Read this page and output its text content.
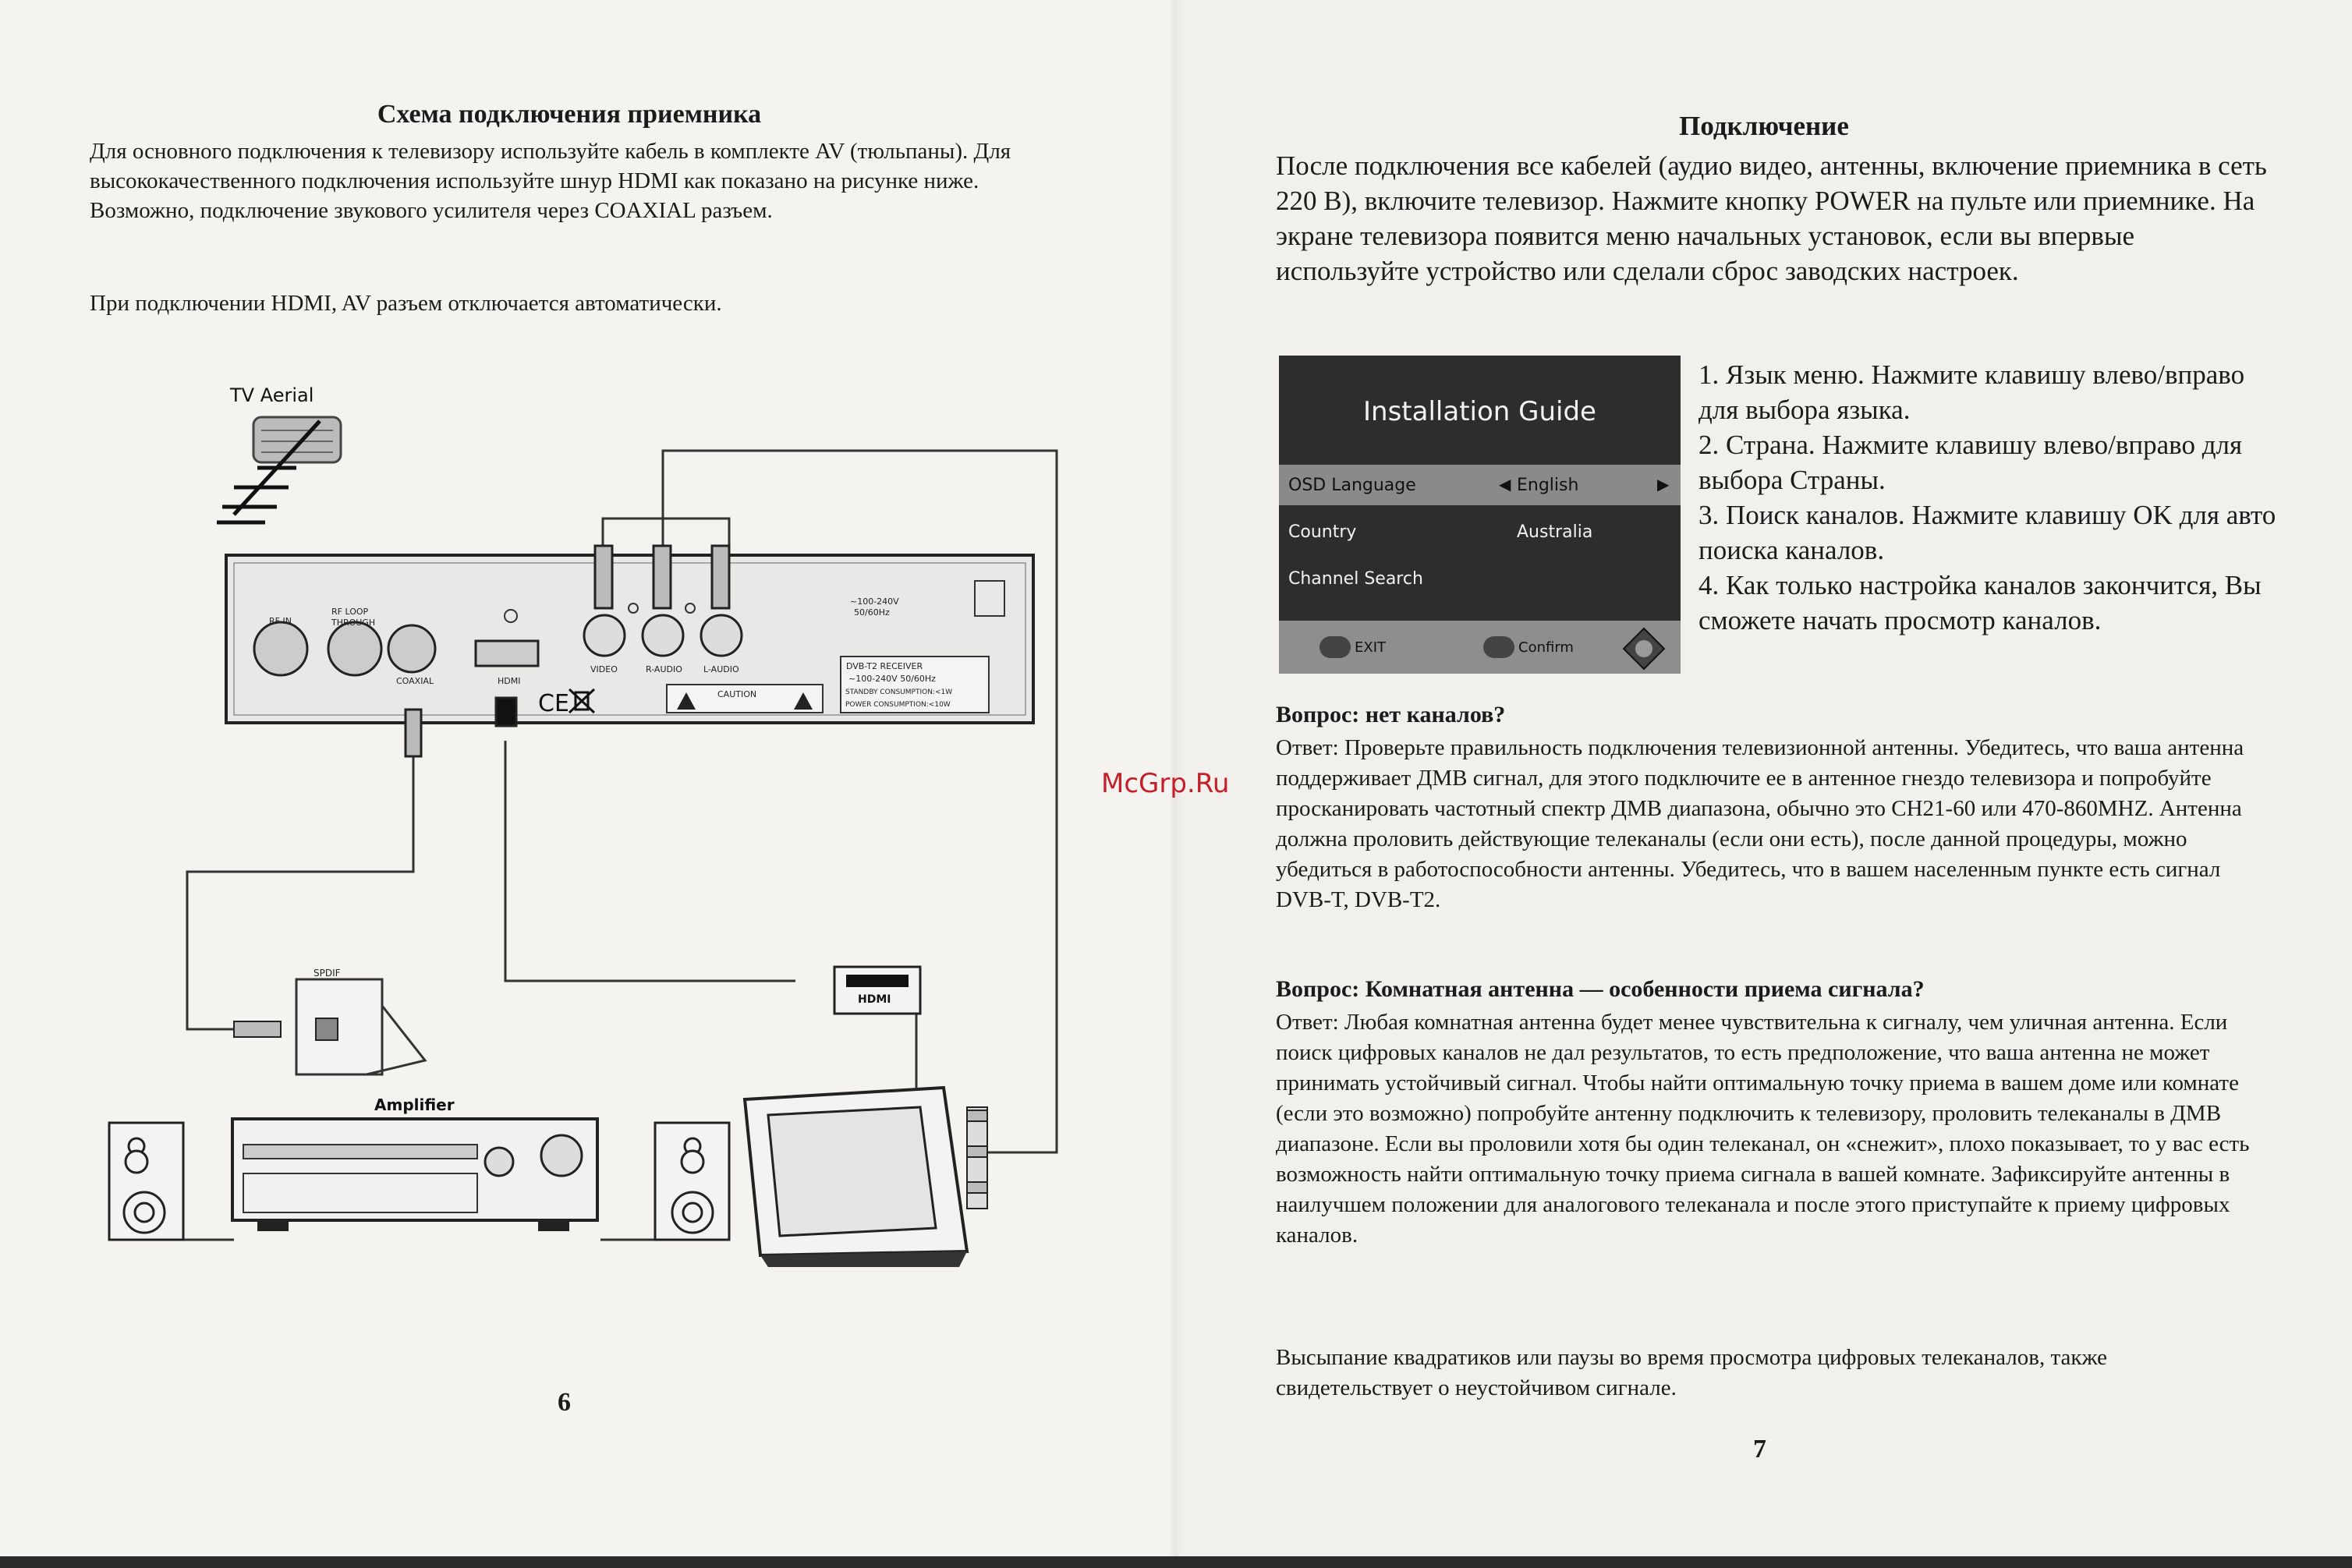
Схема подключения приемника

Для основного подключения к телевизору используйте кабель в комплекте AV (тюльпаны). Для высококачественного подключения используйте шнур HDMI как показано на рисунке ниже. Возможно, подключение звукового усилителя через COAXIAL разъем.

При подключении HDMI, AV разъем отключается автоматически.

TV Aerial
RF IN
RF LOOP
THROUGH
COAXIAL	HDMI
VIDEO	R-AUDIO L-AUDIO
~100-240V
50/60Hz
CAUTION
DVB-T2 RECEIVER
~100-240V 50/60Hz
STANDBY CONSUMPTION:<1W
POWER CONSUMPTION:<10W
CE
SPDIF
Amplifier
HDMI
6
Подключение

После подключения все кабелей (аудио видео, антенны, включение приемника в сеть 220 В), включите телевизор. Нажмите кнопку POWER на пульте или приемнике. На экране телевизора появится меню начальных установок, если вы впервые используйте устройство или сделали сброс заводских настроек.

Installation Guide
OSD Language	◀ English	▶
Country	Australia
Channel Search
EXIT	Confirm
1. Язык меню. Нажмите клавишу влево/вправо для выбора языка.
2. Страна. Нажмите клавишу влево/вправо для выбора Страны.
3. Поиск каналов. Нажмите клавишу OK для авто поиска каналов.
4. Как только настройка каналов закончится, Вы сможете начать просмотр каналов.

Вопрос: нет каналов?

Ответ: Проверьте правильность подключения телевизионной антенны. Убедитесь, что ваша антенна поддерживает ДМВ сигнал, для этого подключите ее в антенное гнездо телевизора и попробуйте просканировать частотный спектр ДМВ диапазона, обычно это CH21-60 или 470-860MHZ. Антенна должна проловить действующие телеканалы (если они есть), после данной процедуры, можно убедиться в работоспособности антенны. Убедитесь, что в вашем населенным пункте есть сигнал DVB-T, DVB-T2.

Вопрос: Комнатная антенна — особенности приема сигнала?

Ответ: Любая комнатная антенна будет менее чувствительна к сигналу, чем уличная антенна. Если поиск цифровых каналов не дал результатов, то есть предположение, что ваша антенна не может принимать устойчивый сигнал. Чтобы найти оптимальную точку приема в вашем доме или комнате (если это возможно) попробуйте антенну подключить к телевизору, проловить телеканалы в ДМВ диапазоне. Если вы проловили хотя бы один телеканал, он «снежит», плохо показывает, то у вас есть возможность найти оптимальную точку приема сигнала в вашей комнате. Зафиксируйте антенны в наилучшем положении для аналогового телеканала и после этого приступайте к приему цифровых каналов.

Высыпание квадратиков или паузы во время просмотра цифровых телеканалов, также свидетельствует о неустойчивом сигнале.

7
McGrp.Ru
